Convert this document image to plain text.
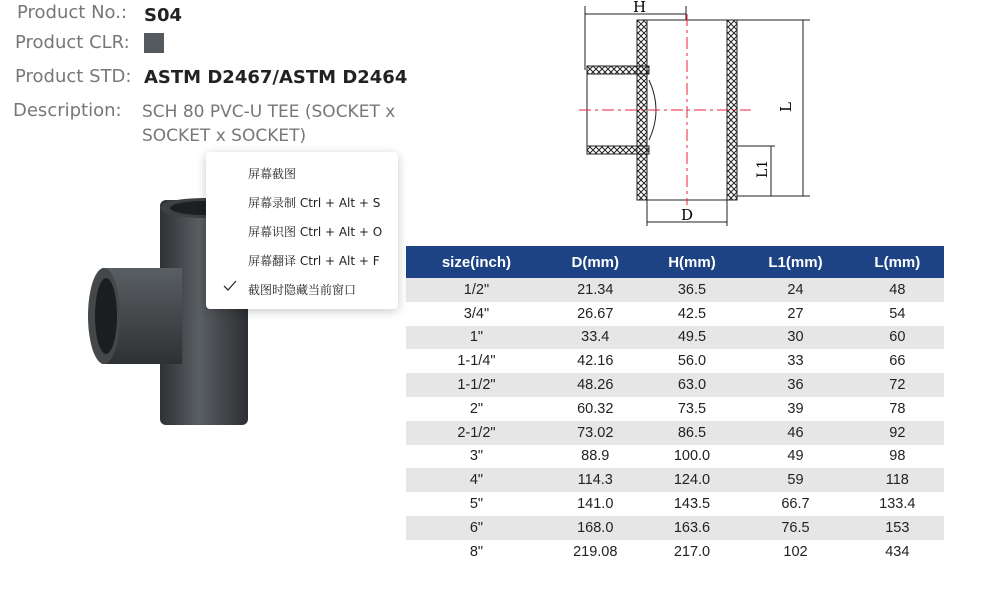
Product No.: S04
Product CLR:
Product STD: ASTM D2467/ASTM D2464
Description: SCH 80 PVC-U TEE (SOCKET x SOCKET x SOCKET)
H
L
L1
D
size(inch)	D(mm)	H(mm)	L1(mm)	L(mm)
1/2"	21.34	36.5	24	48
3/4"	26.67	42.5	27	54
1"	33.4	49.5	30	60
1-1/4"	42.16	56.0	33	66
1-1/2"	48.26	63.0	36	72
2"	60.32	73.5	39	78
2-1/2"	73.02	86.5	46	92
3"	88.9	100.0	49	98
4"	114.3	124.0	59	118
5"	141.0	143.5	66.7	133.4
6"	168.0	163.6	76.5	153
8"	219.08	217.0	102	434
屏幕截图
屏幕录制 Ctrl + Alt + S
屏幕识图 Ctrl + Alt + O
屏幕翻译 Ctrl + Alt + F
截图时隐藏当前窗口
